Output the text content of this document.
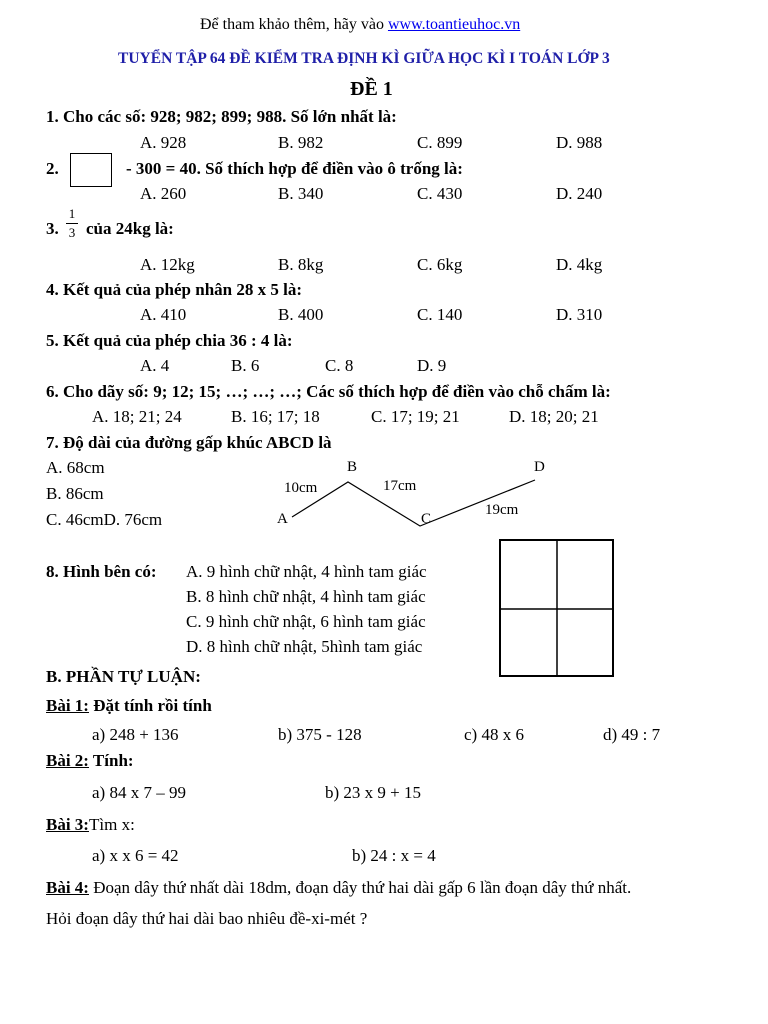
Để tham khảo thêm, hãy vào www.toantieuhoc.vn
TUYỂN TẬP 64 ĐỀ KIỂM TRA ĐỊNH KÌ GIỮA HỌC KÌ I TOÁN LỚP 3
ĐỀ 1
1. Cho các số: 928; 982; 899; 988. Số lớn nhất là:
A. 928	B. 982	C. 899	D. 988
2.	- 300 = 40. Số thích hợp để điền vào ô trống là:
A. 260	B. 340	C. 430	D. 240
3.
1
3 của 24kg là:
A. 12kg	B. 8kg	C. 6kg	D. 4kg
4. Kết quả của phép nhân 28 x 5 là:
A. 410	B. 400	C. 140	D. 310
5. Kết quả của phép chia 36 : 4 là:
A. 4	B. 6	C. 8	D. 9
6. Cho dãy số: 9; 12; 15; …; …; …; Các số thích hợp để điền vào chỗ chấm là:
A. 18; 21; 24	B. 16; 17; 18	C. 17; 19; 21	D. 18; 20; 21
7. Độ dài của đường gấp khúc ABCD là
A. 68cm
B. 86cm
C. 46cmD. 76cm
B	D
A	C
10cm	17cm
19cm
8. Hình bên có: A. 9 hình chữ nhật, 4 hình tam giác
B. 8 hình chữ nhật, 4 hình tam giác
C. 9 hình chữ nhật, 6 hình tam giác
D. 8 hình chữ nhật, 5hình tam giác
B. PHẦN TỰ LUẬN:
Bài 1: Đặt tính rồi tính
a) 248 + 136	b) 375 - 128	c) 48 x 6	d) 49 : 7
Bài 2: Tính:
a) 84 x 7 – 99	b) 23 x 9 + 15
Bài 3:Tìm x:
a) x x 6 = 42	b) 24 : x = 4
Bài 4: Đoạn dây thứ nhất dài 18dm, đoạn dây thứ hai dài gấp 6 lần đoạn dây thứ nhất.
Hỏi đoạn dây thứ hai dài bao nhiêu đề-xi-mét ?
